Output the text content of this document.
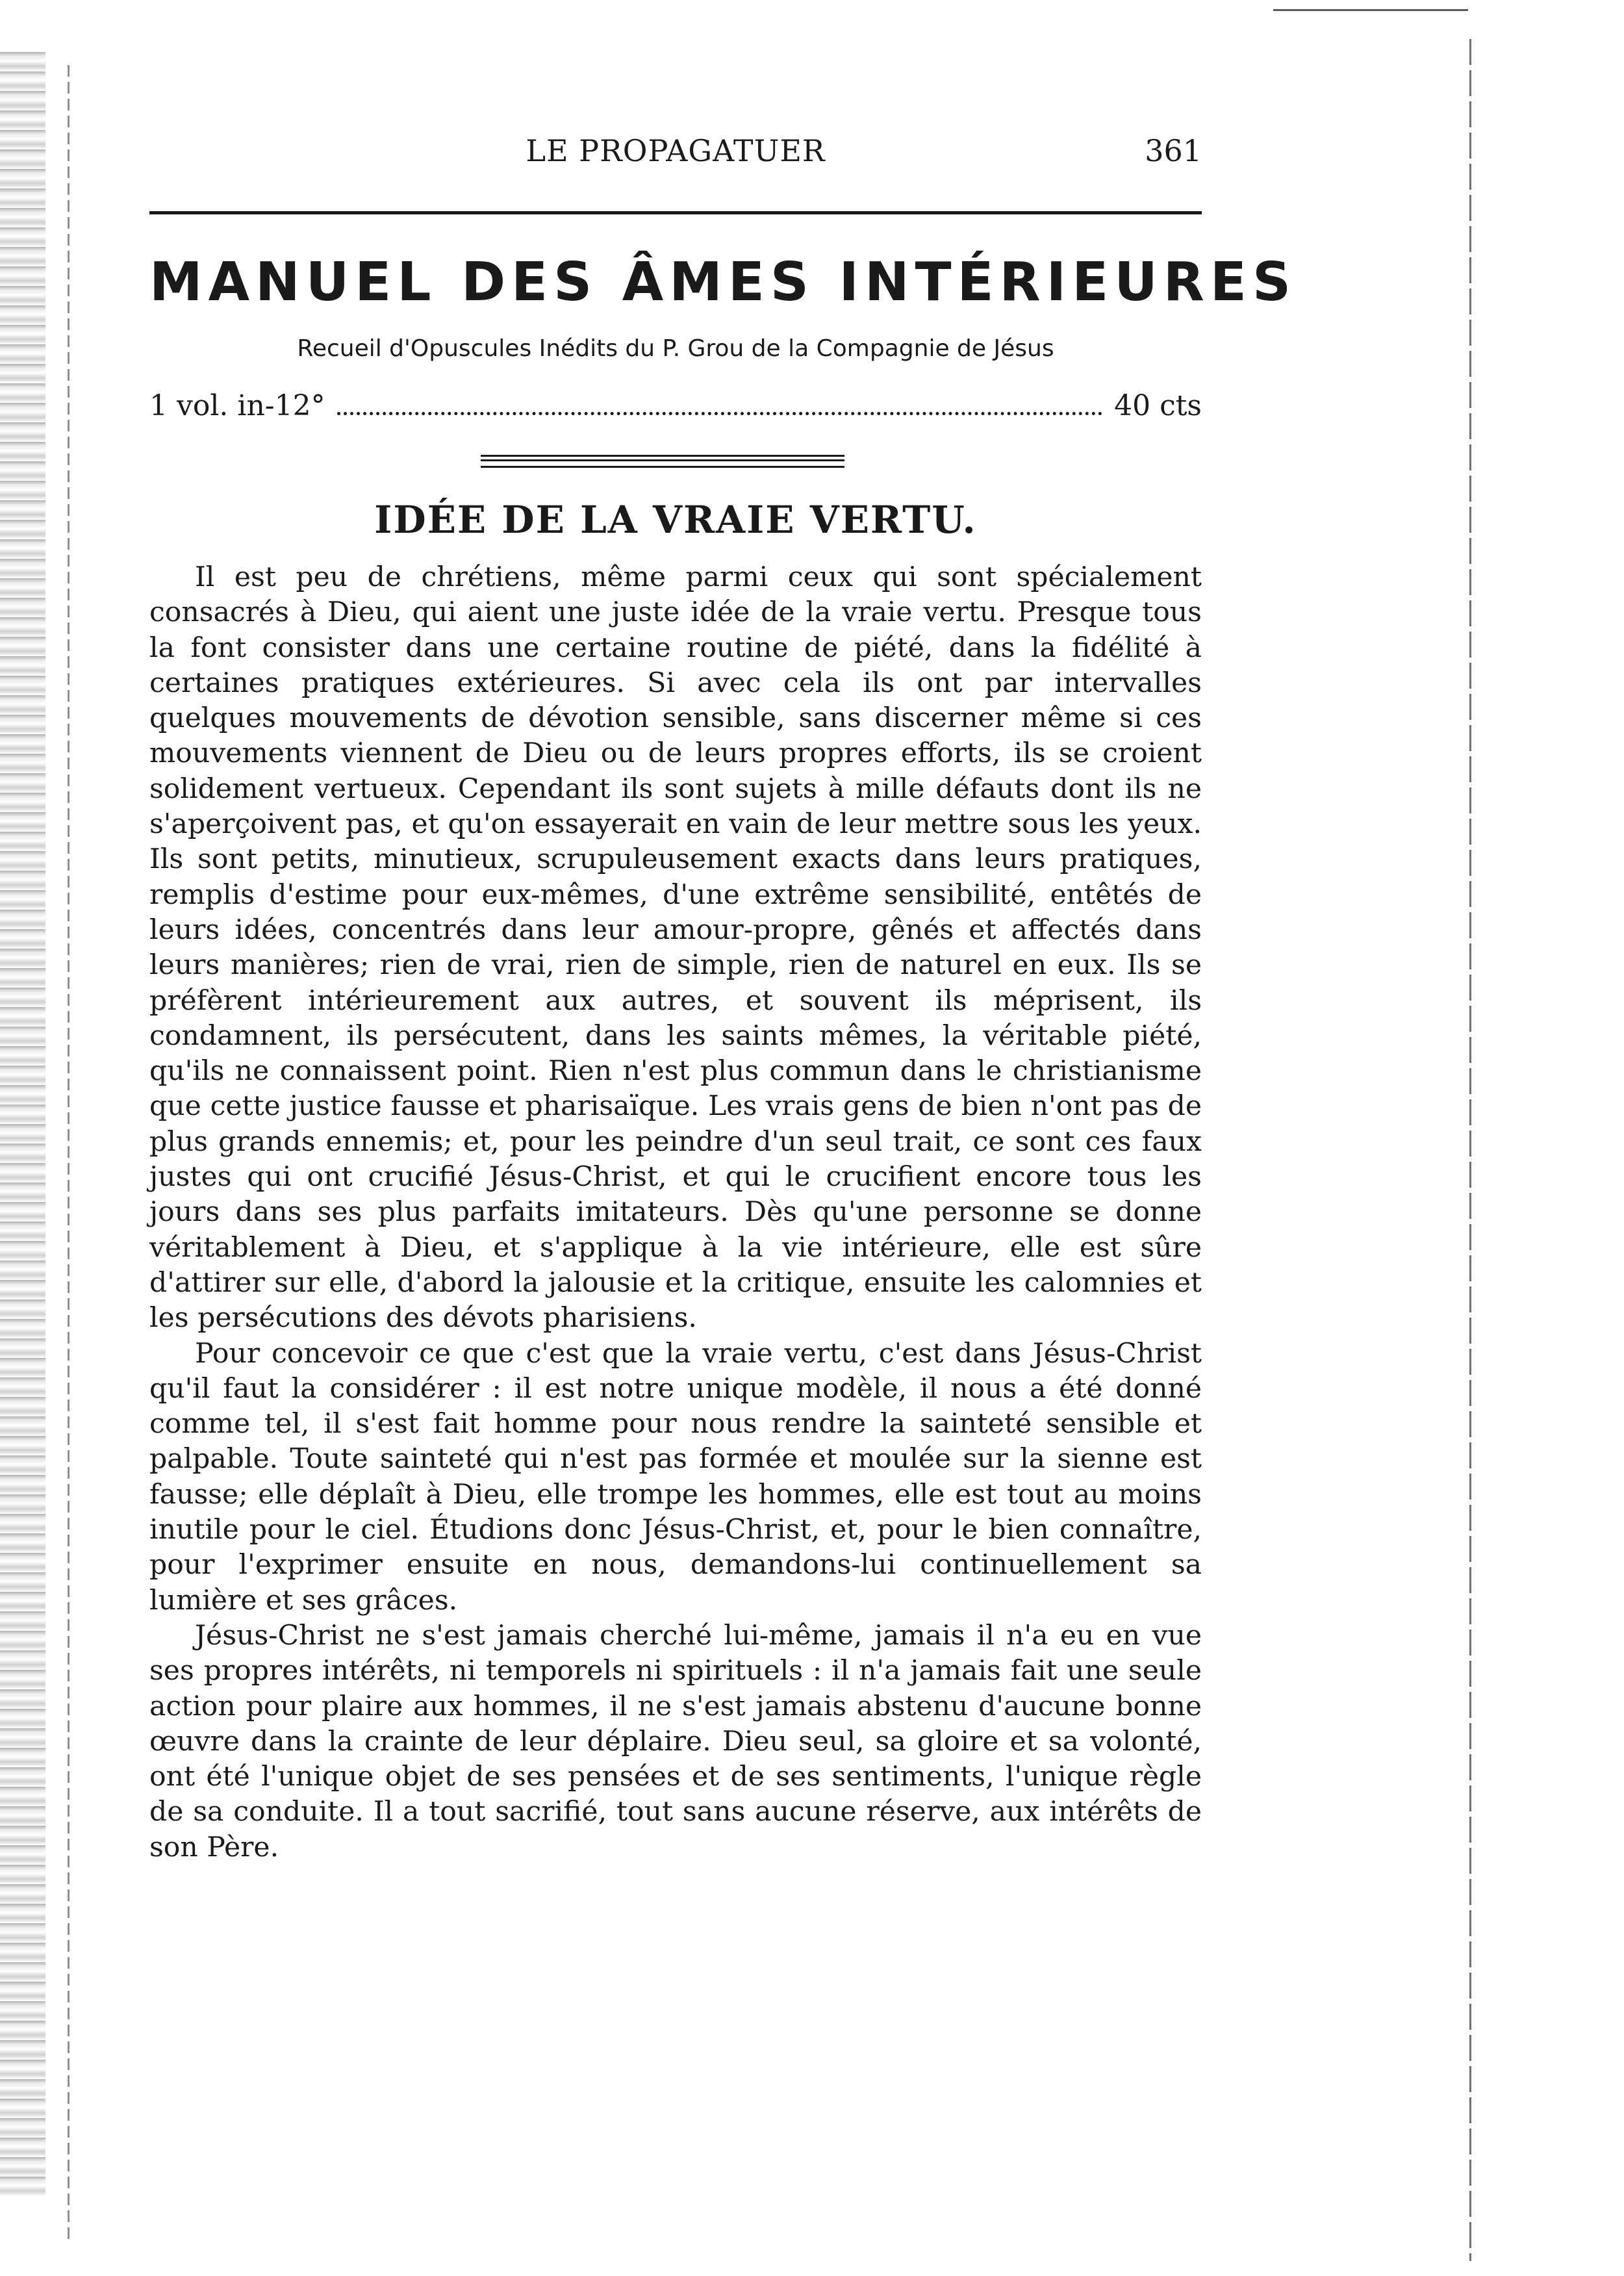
LE PROPAGATUER	361
MANUEL DES ÂMES INTÉRIEURES
Recueil d'Opuscules Inédits du P. Grou de la Compagnie de Jésus
1 vol. in-12°	40 cts
IDÉE DE LA VRAIE VERTU.

Il est peu de chrétiens, même parmi ceux qui sont spécialement consacrés à Dieu, qui aient une juste idée de la vraie vertu. Presque tous la font consister dans une certaine routine de piété, dans la fidélité à certaines pratiques extérieures. Si avec cela ils ont par intervalles quelques mouvements de dévotion sensible, sans discerner même si ces mouvements viennent de Dieu ou de leurs propres efforts, ils se croient solidement vertueux. Cependant ils sont sujets à mille défauts dont ils ne s'aperçoivent pas, et qu'on essayerait en vain de leur mettre sous les yeux. Ils sont petits, minutieux, scrupuleusement exacts dans leurs pratiques, remplis d'estime pour eux-mêmes, d'une extrême sensibilité, entêtés de leurs idées, concentrés dans leur amour-propre, gênés et affectés dans leurs manières; rien de vrai, rien de simple, rien de naturel en eux. Ils se préfèrent intérieurement aux autres, et souvent ils méprisent, ils condamnent, ils persécutent, dans les saints mêmes, la véritable piété, qu'ils ne connaissent point. Rien n'est plus commun dans le christianisme que cette justice fausse et pharisaïque. Les vrais gens de bien n'ont pas de plus grands ennemis; et, pour les peindre d'un seul trait, ce sont ces faux justes qui ont crucifié Jésus-Christ, et qui le crucifient encore tous les jours dans ses plus parfaits imitateurs. Dès qu'une personne se donne véritablement à Dieu, et s'applique à la vie intérieure, elle est sûre d'attirer sur elle, d'abord la jalousie et la critique, ensuite les calomnies et les persécutions des dévots pharisiens.

Pour concevoir ce que c'est que la vraie vertu, c'est dans Jésus-Christ qu'il faut la considérer : il est notre unique modèle, il nous a été donné comme tel, il s'est fait homme pour nous rendre la sainteté sensible et palpable. Toute sainteté qui n'est pas formée et moulée sur la sienne est fausse; elle déplaît à Dieu, elle trompe les hommes, elle est tout au moins inutile pour le ciel. Étudions donc Jésus-Christ, et, pour le bien connaître, pour l'exprimer ensuite en nous, demandons-lui continuellement sa lumière et ses grâces.

Jésus-Christ ne s'est jamais cherché lui-même, jamais il n'a eu en vue ses propres intérêts, ni temporels ni spirituels : il n'a jamais fait une seule action pour plaire aux hommes, il ne s'est jamais abstenu d'aucune bonne œuvre dans la crainte de leur déplaire. Dieu seul, sa gloire et sa volonté, ont été l'unique objet de ses pensées et de ses sentiments, l'unique règle de sa conduite. Il a tout sacrifié, tout sans aucune réserve, aux intérêts de son Père.
